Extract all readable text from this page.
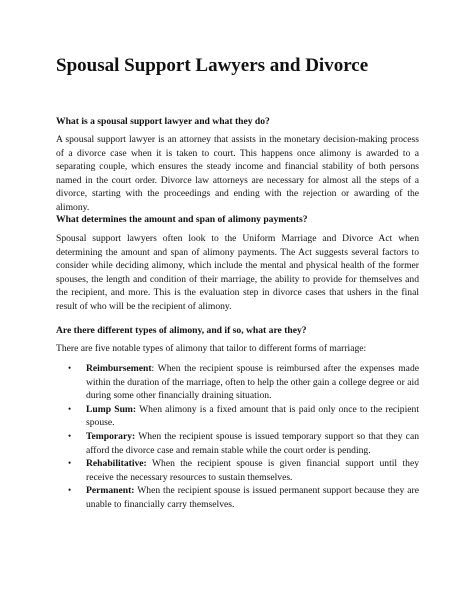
Spousal Support Lawyers and Divorce
What is a spousal support lawyer and what they do?

A spousal support lawyer is an attorney that assists in the monetary decision-making process of a divorce case when it is taken to court. This happens once alimony is awarded to a separating couple, which ensures the steady income and financial stability of both persons named in the court order. Divorce law attorneys are necessary for almost all the steps of a divorce, starting with the proceedings and ending with the rejection or awarding of the alimony.

What determines the amount and span of alimony payments?

Spousal support lawyers often look to the Uniform Marriage and Divorce Act when determining the amount and span of alimony payments. The Act suggests several factors to consider while deciding alimony, which include the mental and physical health of the former spouses, the length and condition of their marriage, the ability to provide for themselves and the recipient, and more. This is the evaluation step in divorce cases that ushers in the final result of who will be the recipient of alimony.

Are there different types of alimony, and if so, what are they?
There are five notable types of alimony that tailor to different forms of marriage:
• Reimbursement: When the recipient spouse is reimbursed after the expenses made within the duration of the marriage, often to help the other gain a college degree or aid during some other financially draining situation.
• Lump Sum: When alimony is a fixed amount that is paid only once to the recipient spouse.
• Temporary: When the recipient spouse is issued temporary support so that they can afford the divorce case and remain stable while the court order is pending.
• Rehabilitative: When the recipient spouse is given financial support until they receive the necessary resources to sustain themselves.
• Permanent: When the recipient spouse is issued permanent support because they are unable to financially carry themselves.
